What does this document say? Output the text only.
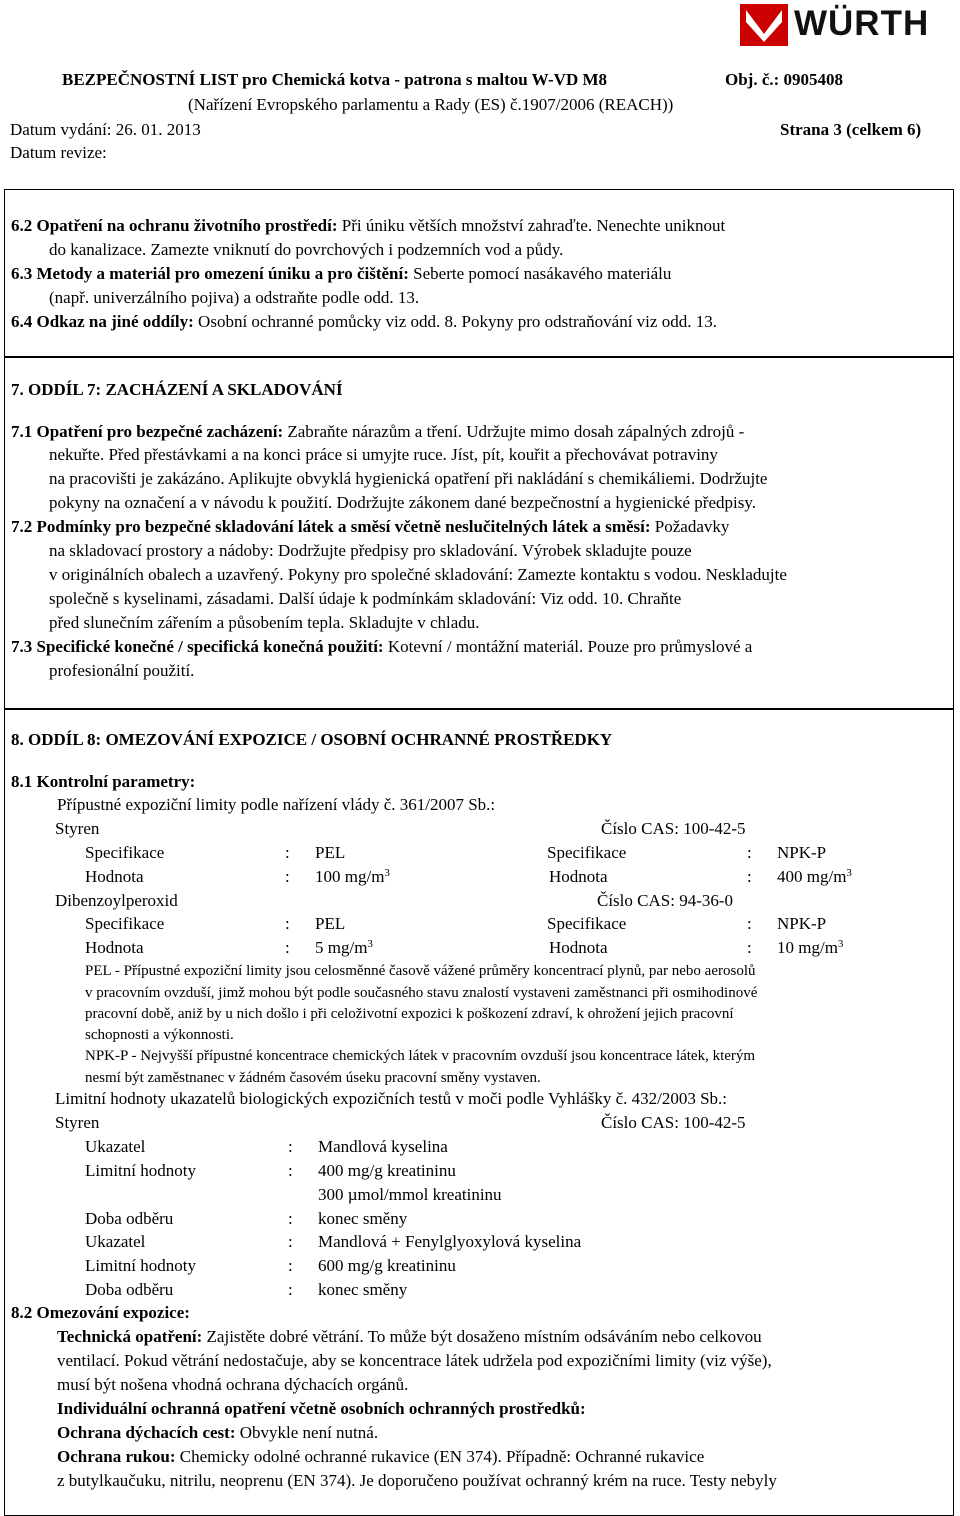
WÜRTH
BEZPEČNOSTNÍ LIST pro Chemická kotva - patrona s maltou W-VD M8	Obj. č.: 0905408
(Nařízení Evropského parlamentu a Rady (ES) č.1907/2006 (REACH))
Datum vydání: 26. 01. 2013	Strana 3 (celkem 6)
Datum revize:
6.2 Opatření na ochranu životního prostředí: Při úniku větších množství zahraďte. Nenechte uniknout
do kanalizace. Zamezte vniknutí do povrchových i podzemních vod a půdy.
6.3 Metody a materiál pro omezení úniku a pro čištění: Seberte pomocí nasákavého materiálu
(např. univerzálního pojiva) a odstraňte podle odd. 13.
6.4 Odkaz na jiné oddíly: Osobní ochranné pomůcky viz odd. 8. Pokyny pro odstraňování viz odd. 13.
7. ODDÍL 7: ZACHÁZENÍ A SKLADOVÁNÍ
7.1 Opatření pro bezpečné zacházení: Zabraňte nárazům a tření. Udržujte mimo dosah zápalných zdrojů -
nekuřte. Před přestávkami a na konci práce si umyjte ruce. Jíst, pít, kouřit a přechovávat potraviny
na pracovišti je zakázáno. Aplikujte obvyklá hygienická opatření při nakládání s chemikáliemi. Dodržujte
pokyny na označení a v návodu k použití. Dodržujte zákonem dané bezpečnostní a hygienické předpisy.
7.2 Podmínky pro bezpečné skladování látek a směsí včetně neslučitelných látek a směsí: Požadavky
na skladovací prostory a nádoby: Dodržujte předpisy pro skladování. Výrobek skladujte pouze
v originálních obalech a uzavřený. Pokyny pro společné skladování: Zamezte kontaktu s vodou. Neskladujte
společně s kyselinami, zásadami. Další údaje k podmínkám skladování: Viz odd. 10. Chraňte
před slunečním zářením a působením tepla. Skladujte v chladu.
7.3 Specifické konečné / specifická konečná použití: Kotevní / montážní materiál. Pouze pro průmyslové a
profesionální použití.
8. ODDÍL 8: OMEZOVÁNÍ EXPOZICE / OSOBNÍ OCHRANNÉ PROSTŘEDKY
8.1 Kontrolní parametry:
Přípustné expoziční limity podle nařízení vlády č. 361/2007 Sb.:
Styren	Číslo CAS: 100-42-5
Specifikace	: PEL	Specifikace	: NPK-P
Hodnota	: 100 $mg/m^3$	Hodnota	: 400 $mg/m^3$
Dibenzoylperoxid	Číslo CAS: 94-36-0
Specifikace	: PEL	Specifikace	: NPK-P
Hodnota	: 5 $mg/m^3$	Hodnota	: 10 $mg/m^3$
PEL - Přípustné expoziční limity jsou celosměnné časově vážené průměry koncentrací plynů, par nebo aerosolů
v pracovním ovzduší, jimž mohou být podle současného stavu znalostí vystaveni zaměstnanci při osmihodinové
pracovní době, aniž by u nich došlo i při celoživotní expozici k poškození zdraví, k ohrožení jejich pracovní
schopnosti a výkonnosti.
NPK-P - Nejvyšší přípustné koncentrace chemických látek v pracovním ovzduší jsou koncentrace látek, kterým
nesmí být zaměstnanec v žádném časovém úseku pracovní směny vystaven.
Limitní hodnoty ukazatelů biologických expozičních testů v moči podle Vyhlášky č. 432/2003 Sb.:
Styren	Číslo CAS: 100-42-5
Ukazatel	: Mandlová kyselina
Limitní hodnoty	: 400 mg/g kreatininu
300 µmol/mmol kreatininu
Doba odběru	: konec směny
Ukazatel	: Mandlová + Fenylglyoxylová kyselina
Limitní hodnoty	: 600 mg/g kreatininu
Doba odběru	: konec směny
8.2 Omezování expozice:
Technická opatření: Zajistěte dobré větrání. To může být dosaženo místním odsáváním nebo celkovou
ventilací. Pokud větrání nedostačuje, aby se koncentrace látek udržela pod expozičními limity (viz výše),
musí být nošena vhodná ochrana dýchacích orgánů.
Individuální ochranná opatření včetně osobních ochranných prostředků:
Ochrana dýchacích cest: Obvykle není nutná.
Ochrana rukou: Chemicky odolné ochranné rukavice (EN 374). Případně: Ochranné rukavice
z butylkaučuku, nitrilu, neoprenu (EN 374). Je doporučeno používat ochranný krém na ruce. Testy nebyly
